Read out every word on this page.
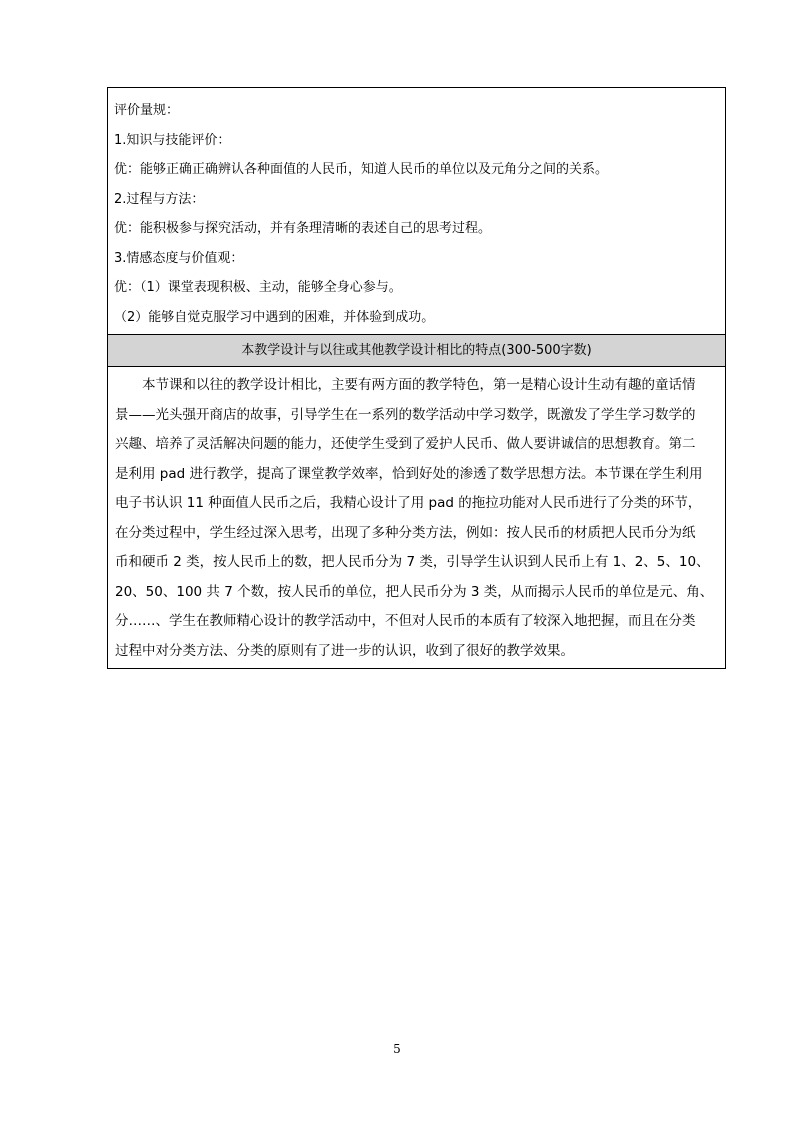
评价量规：
1.知识与技能评价：
优：能够正确正确辨认各种面值的人民币，知道人民币的单位以及元角分之间的关系。
2.过程与方法：
优：能积极参与探究活动，并有条理清晰的表述自己的思考过程。
3.情感态度与价值观：
优：（1）课堂表现积极、主动，能够全身心参与。
（2）能够自觉克服学习中遇到的困难，并体验到成功。
本教学设计与以往或其他教学设计相比的特点(300-500字数)
　　本节课和以往的教学设计相比，主要有两方面的教学特色，第一是精心设计生动有趣的童话情
景——光头强开商店的故事，引导学生在一系列的数学活动中学习数学，既激发了学生学习数学的
兴趣、培养了灵活解决问题的能力，还使学生受到了爱护人民币、做人要讲诚信的思想教育。第二
是利用 pad 进行教学，提高了课堂教学效率，恰到好处的渗透了数学思想方法。本节课在学生利用
电子书认识 11 种面值人民币之后，我精心设计了用 pad 的拖拉功能对人民币进行了分类的环节，
在分类过程中，学生经过深入思考，出现了多种分类方法，例如：按人民币的材质把人民币分为纸
币和硬币 2 类，按人民币上的数，把人民币分为 7 类，引导学生认识到人民币上有 1、2、5、10、
20、50、100 共 7 个数，按人民币的单位，把人民币分为 3 类，从而揭示人民币的单位是元、角、
分……、学生在教师精心设计的教学活动中，不但对人民币的本质有了较深入地把握，而且在分类
过程中对分类方法、分类的原则有了进一步的认识，收到了很好的教学效果。
5
